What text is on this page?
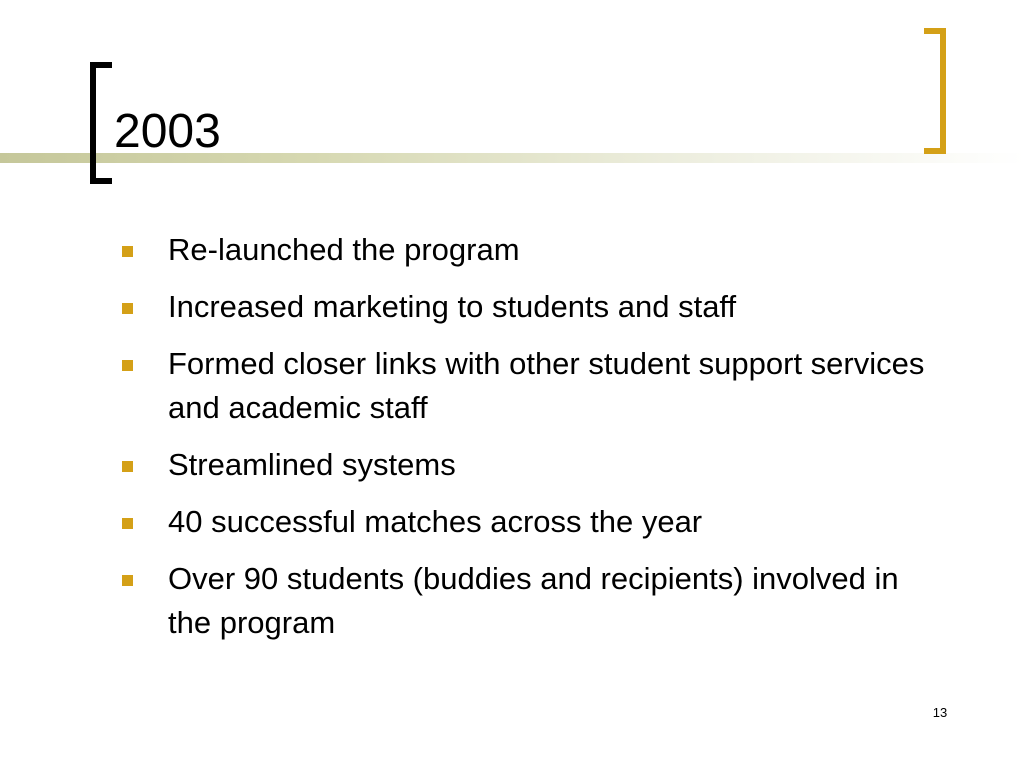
2003
Re-launched the program
Increased marketing to students and staff
Formed closer links with other student support services and academic staff
Streamlined systems
40 successful matches across the year
Over 90 students (buddies and recipients) involved in the program
13
